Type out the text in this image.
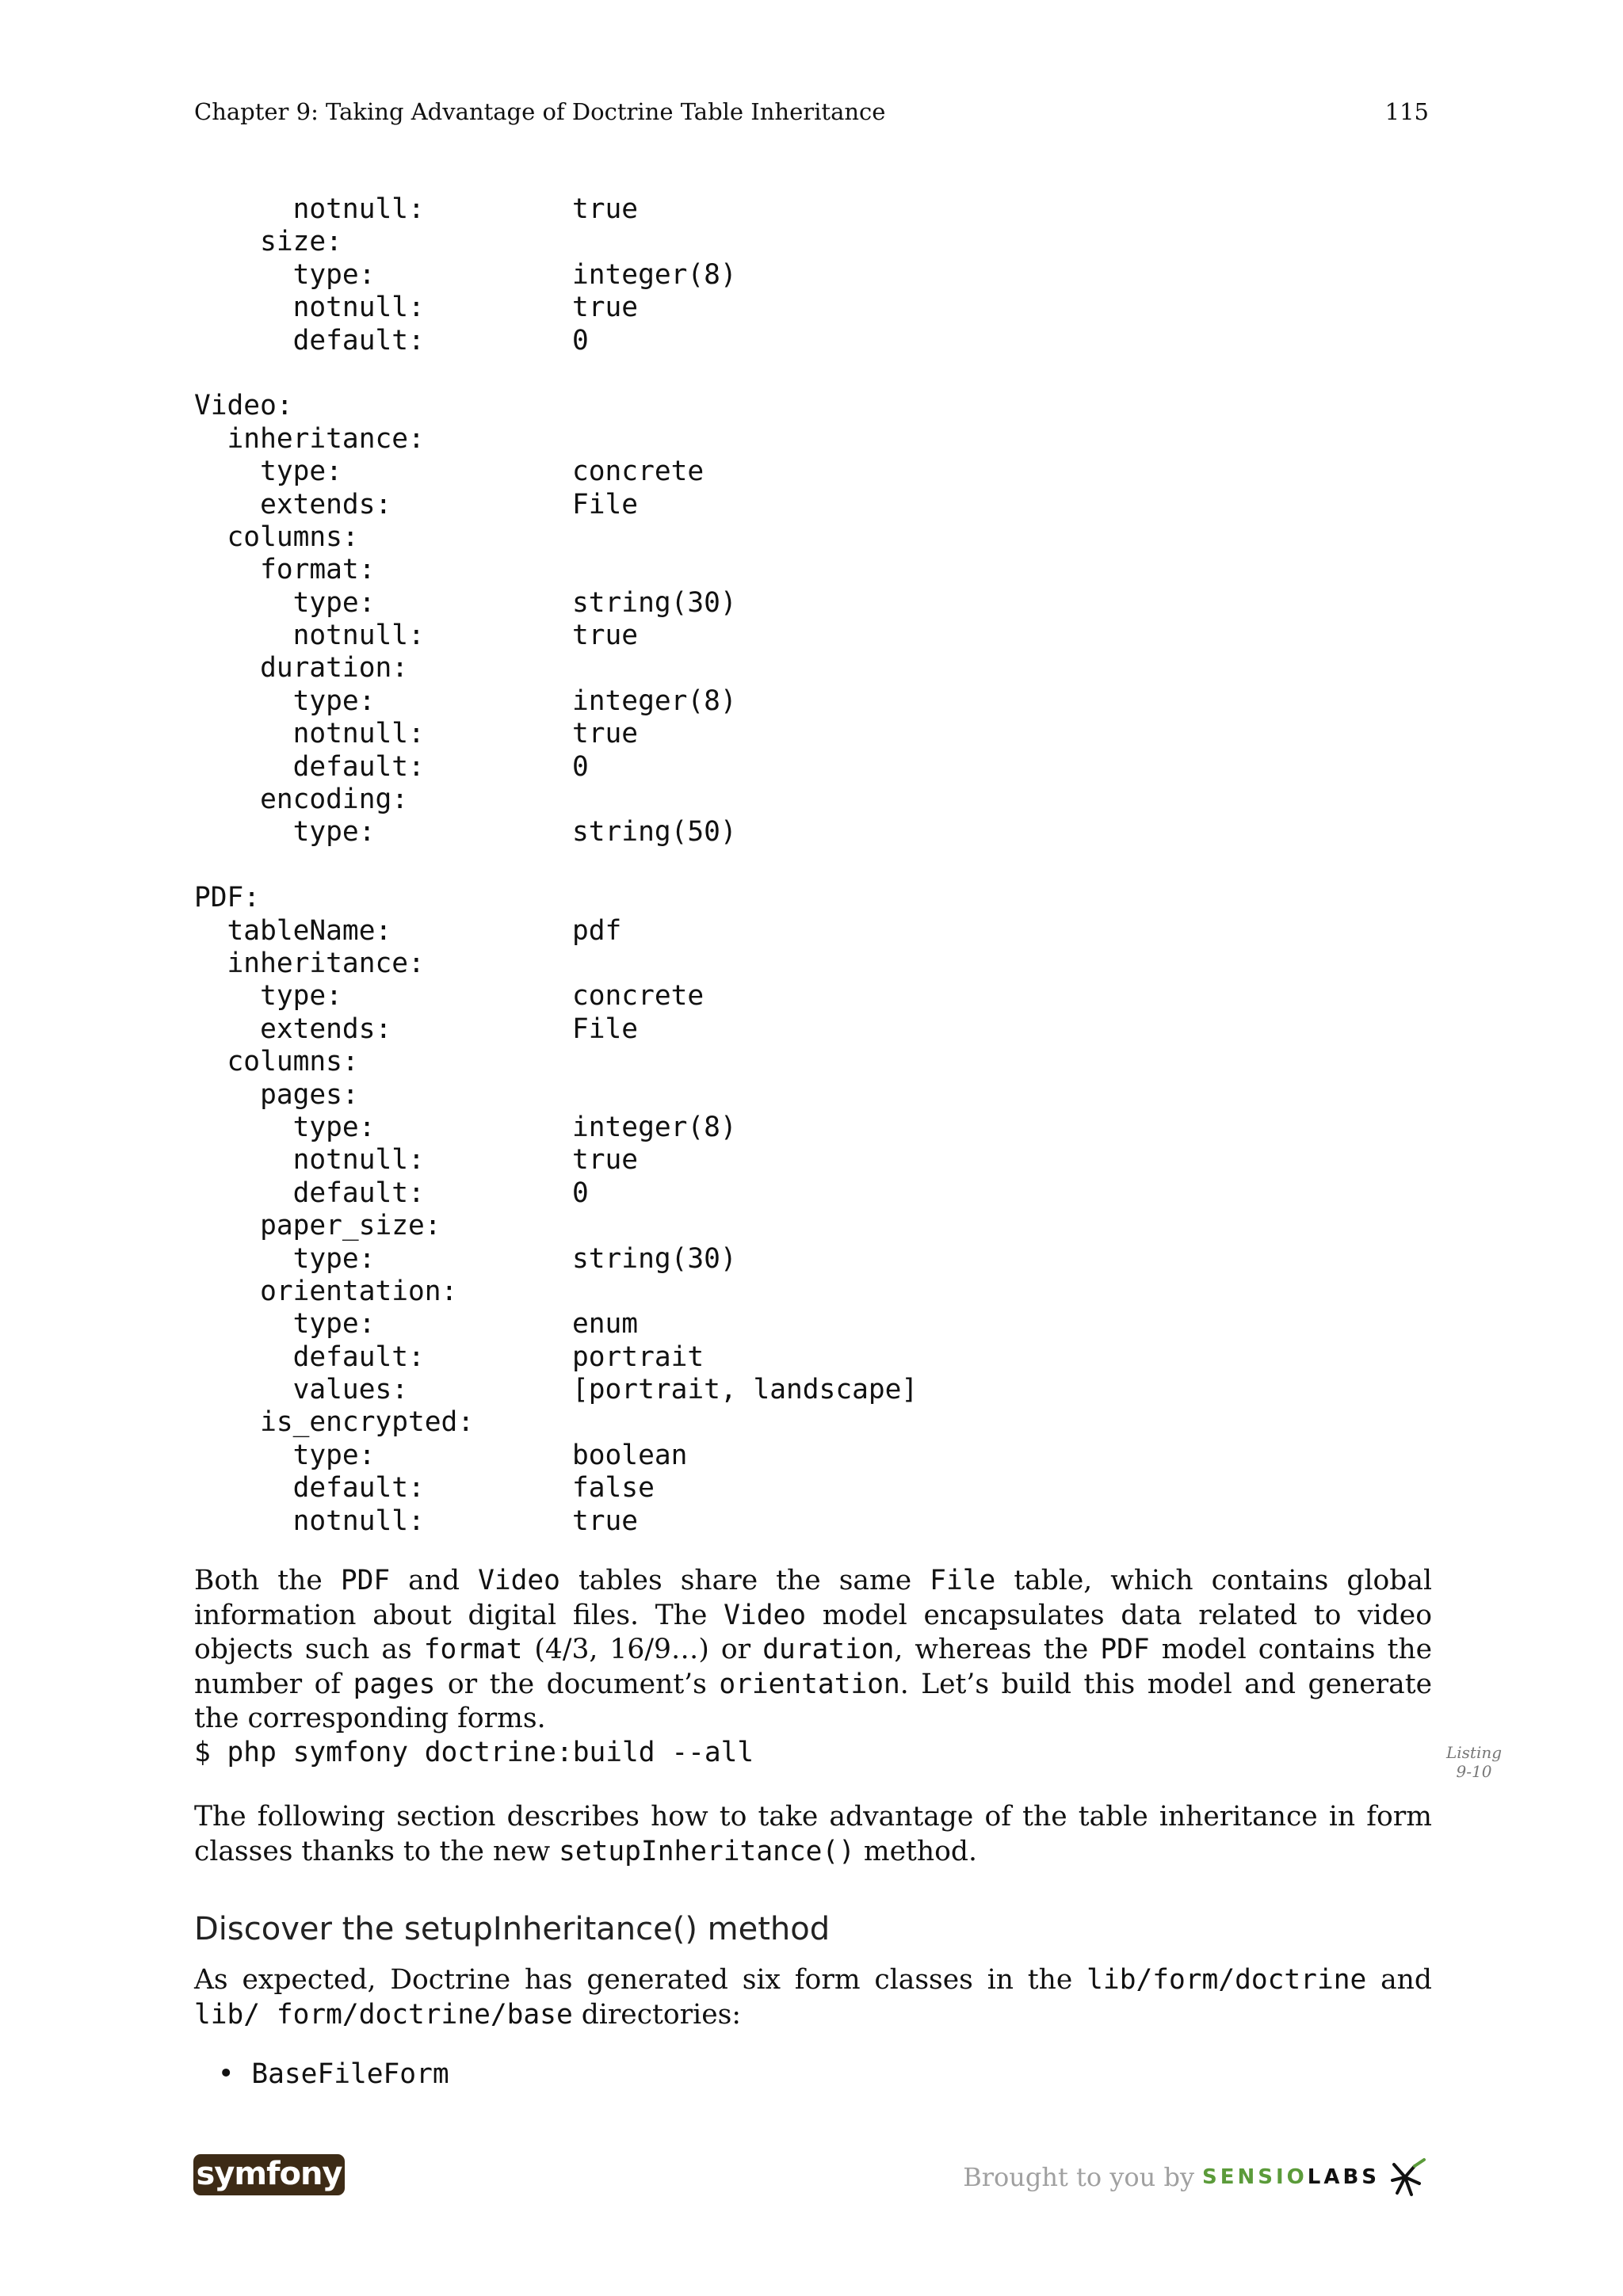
Chapter 9: Taking Advantage of Doctrine Table Inheritance	115
notnull:	true
size:
type:	integer(8)
notnull:	true
default:	0
Video:
inheritance:
type:	concrete
extends:	File
columns:
format:
type:	string(30)
notnull:	true
duration:
type:	integer(8)
notnull:	true
default:	0
encoding:
type:	string(50)
PDF:
tableName:	pdf
inheritance:
type:	concrete
extends:	File
columns:
pages:
type:	integer(8)
notnull:	true
default:	0
paper_size:
type:	string(30)
orientation:
type:	enum
default:	portrait
values:	[portrait, landscape]
is_encrypted:
type:	boolean
default:	false
notnull:	true
Both the PDF and Video tables share the same File table, which contains global information about digital files. The Video model encapsulates data related to video objects such as format (4/3, 16/9…) or duration, whereas the PDF model contains the number of pages or the document’s orientation. Let’s build this model and generate the corresponding forms.
$ php symfony doctrine:build --all	Listing
9-10
The following section describes how to take advantage of the table inheritance in form classes thanks to the new setupInheritance() method.
Discover the setupInheritance() method
As expected, Doctrine has generated six form classes in the lib/form/doctrine and lib/ form/doctrine/base directories:
• BaseFileForm
symfony	Brought to you by SENSIO LABS
